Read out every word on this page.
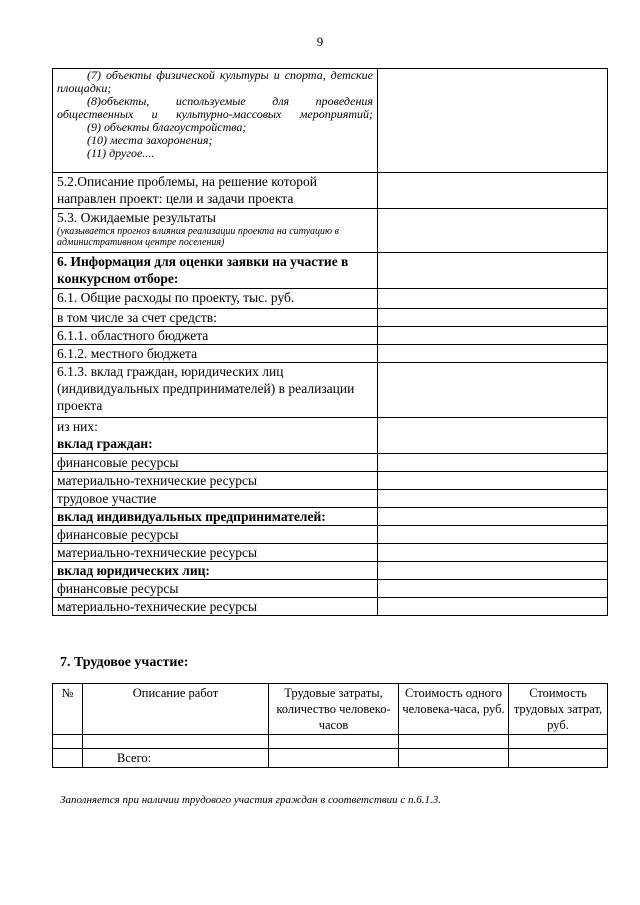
9
(7) объекты физической культуры и спорта, детские площадки;
(8)объекты, используемые для проведения общественных и культурно-массовых мероприятий;
(9) объекты благоустройства;
(10) места захоронения;
(11) другое....	

5.2.Описание проблемы, на решение которой направлен проект: цели и задачи проекта	

5.3. Ожидаемые результаты
(указывается прогноз влияния реализации проекта на ситуацию в административном центре поселения)	

6. Информация для оценки заявки на участие в конкурсном отборе:	
6.1. Общие расходы по проекту, тыс. руб.	
в том числе за счет средств:	
6.1.1. областного бюджета	
6.1.2. местного бюджета	
6.1.3. вклад граждан, юридических лиц (индивидуальных предпринимателей) в реализации проекта	

из них:
вклад граждан:	

финансовые ресурсы	
материально-технические ресурсы	
трудовое участие	
вклад индивидуальных предпринимателей:	
финансовые ресурсы	
материально-технические ресурсы	
вклад юридических лиц:	
финансовые ресурсы	
материально-технические ресурсы	
7. Трудовое участие:
№	Описание работ	Трудовые затраты, количество человеко-часов	Стоимость одного человека-часа, руб.	Стоимость трудовых затрат, руб.

	Всего:			
Заполняется при наличии трудового участия граждан в соответствии с п.6.1.3.
